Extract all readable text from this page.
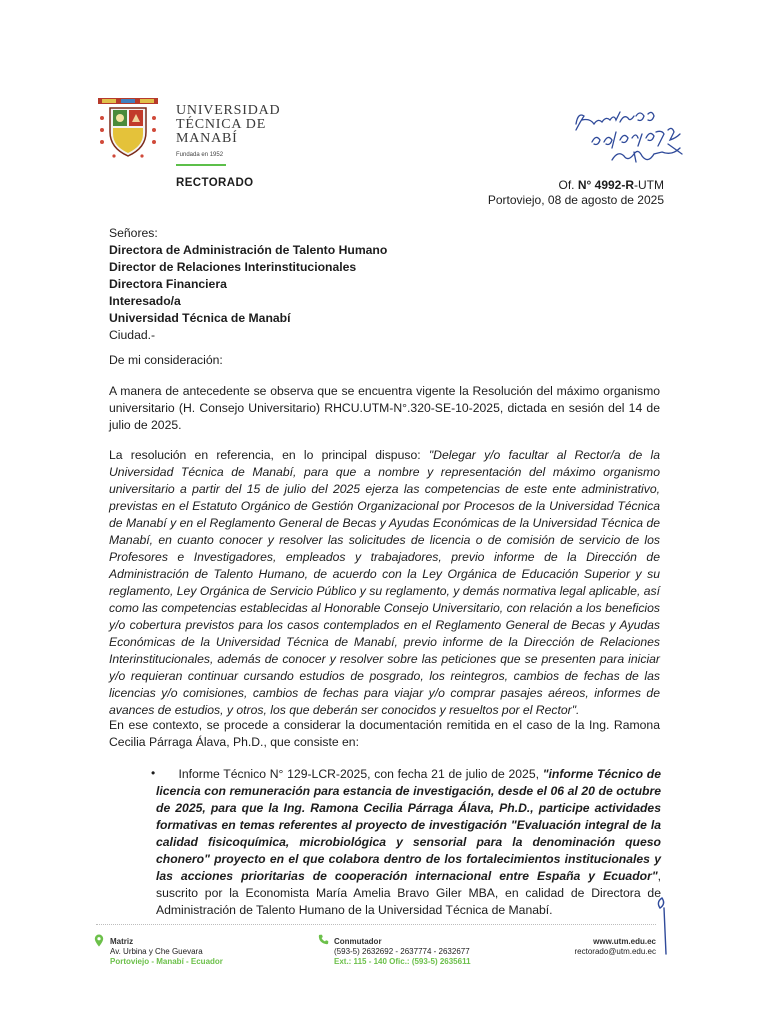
UNIVERSIDAD
TÉCNICA DE
MANABÍ
Fundada en 1952
RECTORADO	Of. N° 4992-R-UTM
Portoviejo, 08 de agosto de 2025
Señores:
Directora de Administración de Talento Humano
Director de Relaciones Interinstitucionales
Directora Financiera
Interesado/a
Universidad Técnica de Manabí
Ciudad.-
De mi consideración:
A manera de antecedente se observa que se encuentra vigente la Resolución del máximo organismo universitario (H. Consejo Universitario) RHCU.UTM-N°.320-SE-10-2025, dictada en sesión del 14 de julio de 2025.
La resolución en referencia, en lo principal dispuso: "Delegar y/o facultar al Rector/a de la Universidad Técnica de Manabí, para que a nombre y representación del máximo organismo universitario a partir del 15 de julio del 2025 ejerza las competencias de este ente administrativo, previstas en el Estatuto Orgánico de Gestión Organizacional por Procesos de la Universidad Técnica de Manabí y en el Reglamento General de Becas y Ayudas Económicas de la Universidad Técnica de Manabí, en cuanto conocer y resolver las solicitudes de licencia o de comisión de servicio de los Profesores e Investigadores, empleados y trabajadores, previo informe de la Dirección de Administración de Talento Humano, de acuerdo con la Ley Orgánica de Educación Superior y su reglamento, Ley Orgánica de Servicio Público y su reglamento, y demás normativa legal aplicable, así como las competencias establecidas al Honorable Consejo Universitario, con relación a los beneficios y/o cobertura previstos para los casos contemplados en el Reglamento General de Becas y Ayudas Económicas de la Universidad Técnica de Manabí, previo informe de la Dirección de Relaciones Interinstitucionales, además de conocer y resolver sobre las peticiones que se presenten para iniciar y/o requieran continuar cursando estudios de posgrado, los reintegros, cambios de fechas de las licencias y/o comisiones, cambios de fechas para viajar y/o comprar pasajes aéreos, informes de avances de estudios, y otros, los que deberán ser conocidos y resueltos por el Rector".
En ese contexto, se procede a considerar la documentación remitida en el caso de la Ing. Ramona Cecilia Párraga Álava, Ph.D., que consiste en:
•	Informe Técnico N° 129-LCR-2025, con fecha 21 de julio de 2025, "informe Técnico de licencia con remuneración para estancia de investigación, desde el 06 al 20 de octubre de 2025, para que la Ing. Ramona Cecilia Párraga Álava, Ph.D., participe actividades formativas en temas referentes al proyecto de investigación "Evaluación integral de la calidad fisicoquímica, microbiológica y sensorial para la denominación queso chonero" proyecto en el que colabora dentro de los fortalecimientos institucionales y las acciones prioritarias de cooperación internacional entre España y Ecuador", suscrito por la Economista María Amelia Bravo Giler MBA, en calidad de Directora de Administración de Talento Humano de la Universidad Técnica de Manabí.
Matriz
Av. Urbina y Che Guevara
Portoviejo - Manabí - Ecuador
Conmutador
(593-5) 2632692 - 2637774 - 2632677
Ext.: 115 - 140 Ofic.: (593-5) 2635611
www.utm.edu.ec
rectorado@utm.edu.ec
